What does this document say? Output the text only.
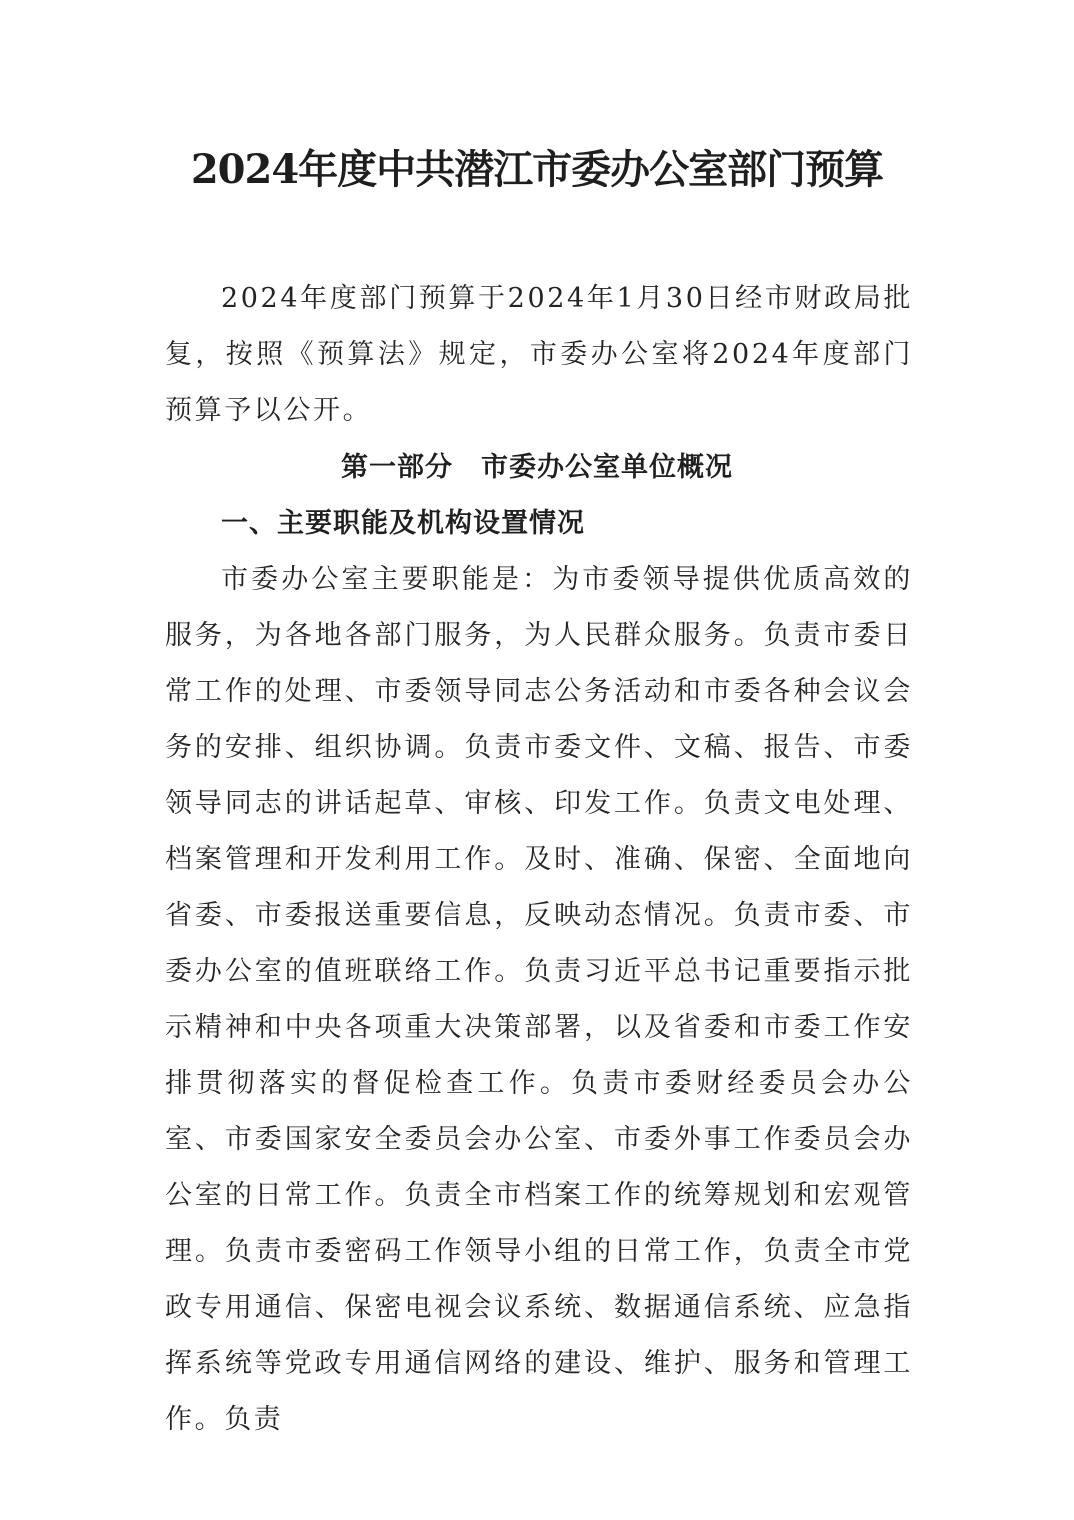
2024年度中共潜江市委办公室部门预算

2024年度部门预算于2024年1月30日经市财政局批复，按照《预算法》规定，市委办公室将2024年度部门预算予以公开。

第一部分　市委办公室单位概况
一、主要职能及机构设置情况

市委办公室主要职能是：为市委领导提供优质高效的服务，为各地各部门服务，为人民群众服务。负责市委日常工作的处理、市委领导同志公务活动和市委各种会议会务的安排、组织协调。负责市委文件、文稿、报告、市委领导同志的讲话起草、审核、印发工作。负责文电处理、档案管理和开发利用工作。及时、准确、保密、全面地向省委、市委报送重要信息，反映动态情况。负责市委、市委办公室的值班联络工作。负责习近平总书记重要指示批示精神和中央各项重大决策部署，以及省委和市委工作安排贯彻落实的督促检查工作。负责市委财经委员会办公室、市委国家安全委员会办公室、市委外事工作委员会办公室的日常工作。负责全市档案工作的统筹规划和宏观管理。负责市委密码工作领导小组的日常工作，负责全市党政专用通信、保密电视会议系统、数据通信系统、应急指挥系统等党政专用通信网络的建设、维护、服务和管理工作。负责
